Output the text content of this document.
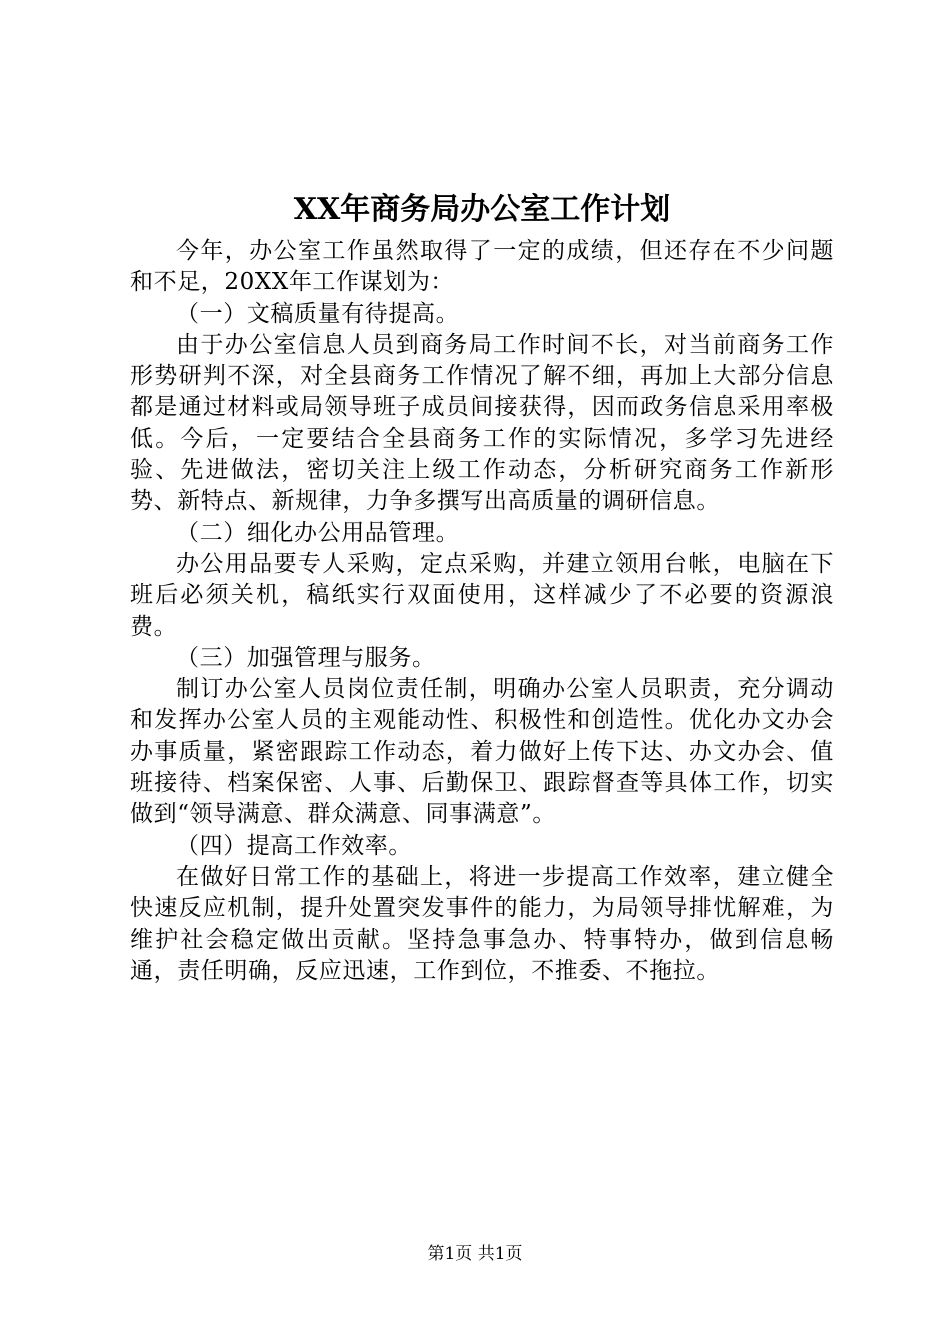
XX年商务局办公室工作计划

今年，办公室工作虽然取得了一定的成绩，但还存在不少问题和不足，20XX年工作谋划为：

（一）文稿质量有待提高。

由于办公室信息人员到商务局工作时间不长，对当前商务工作形势研判不深，对全县商务工作情况了解不细，再加上大部分信息都是通过材料或局领导班子成员间接获得，因而政务信息采用率极低。今后，一定要结合全县商务工作的实际情况，多学习先进经验、先进做法，密切关注上级工作动态，分析研究商务工作新形势、新特点、新规律，力争多撰写出高质量的调研信息。

（二）细化办公用品管理。

办公用品要专人采购，定点采购，并建立领用台帐，电脑在下班后必须关机，稿纸实行双面使用，这样减少了不必要的资源浪费。

（三）加强管理与服务。

制订办公室人员岗位责任制，明确办公室人员职责，充分调动和发挥办公室人员的主观能动性、积极性和创造性。优化办文办会办事质量，紧密跟踪工作动态，着力做好上传下达、办文办会、值班接待、档案保密、人事、后勤保卫、跟踪督查等具体工作，切实做到“领导满意、群众满意、同事满意”。

（四）提高工作效率。

在做好日常工作的基础上，将进一步提高工作效率，建立健全快速反应机制，提升处置突发事件的能力，为局领导排忧解难，为维护社会稳定做出贡献。坚持急事急办、特事特办，做到信息畅通，责任明确，反应迅速，工作到位，不推委、不拖拉。

第1页 共1页
